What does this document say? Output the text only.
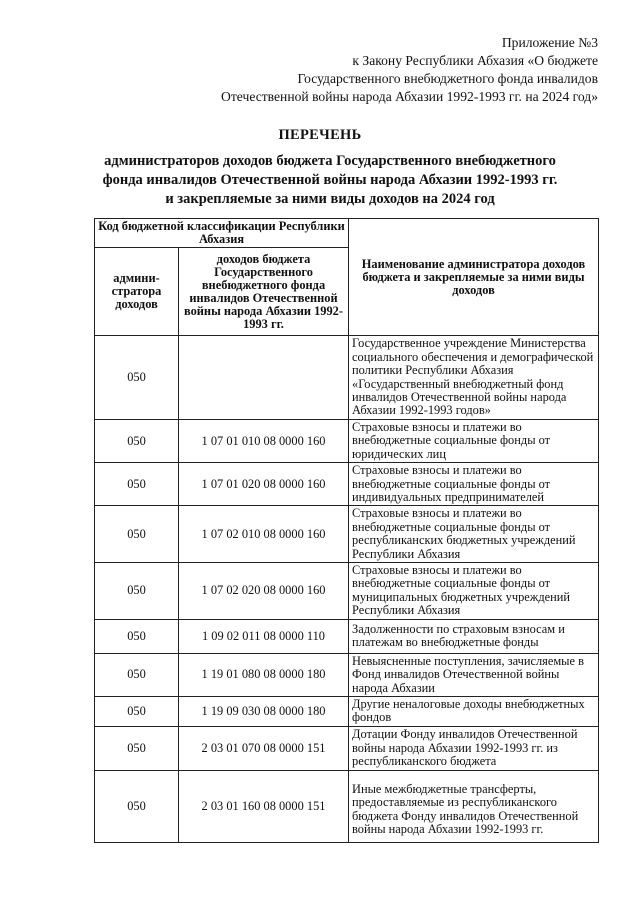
Приложение №3
к Закону Республики Абхазия «О бюджете
Государственного внебюджетного фонда инвалидов
Отечественной войны народа Абхазии 1992-1993 гг. на 2024 год»
ПЕРЕЧЕНЬ
администраторов доходов бюджета Государственного внебюджетного
фонда инвалидов Отечественной войны народа Абхазии 1992-1993 гг.
и закрепляемые за ними виды доходов на 2024 год
Код бюджетной классификации Республики Абхазия		Наименование администратора доходов бюджета и закрепляемые за ними виды доходов
админи-стратора доходов	доходов бюджета Государственного внебюджетного фонда инвалидов Отечественной войны народа Абхазии 1992-1993 гг.	
050		Государственное учреждение Министерства социального обеспечения и демографической политики Республики Абхазия «Государственный внебюджетный фонд инвалидов Отечественной войны народа Абхазии 1992-1993 годов»
050	1 07 01 010 08 0000 160	Страховые взносы и платежи во внебюджетные социальные фонды от юридических лиц
050	1 07 01 020 08 0000 160	Страховые взносы и платежи во внебюджетные социальные фонды от индивидуальных предпринимателей
050	1 07 02 010 08 0000 160	Страховые взносы и платежи во внебюджетные социальные фонды от республиканских бюджетных учреждений Республики Абхазия
050	1 07 02 020 08 0000 160	Страховые взносы и платежи во внебюджетные социальные фонды от муниципальных бюджетных учреждений Республики Абхазия
050	1 09 02 011 08 0000 110	Задолженности по страховым взносам и платежам во внебюджетные фонды
050	1 19 01 080 08 0000 180	Невыясненные поступления, зачисляемые в Фонд инвалидов Отечественной войны народа Абхазии
050	1 19 09 030 08 0000 180	Другие неналоговые доходы внебюджетных фондов
050	2 03 01 070 08 0000 151	Дотации Фонду инвалидов Отечественной войны народа Абхазии 1992-1993 гг. из республиканского бюджета
050	2 03 01 160 08 0000 151	Иные межбюджетные трансферты, предоставляемые из республиканского бюджета Фонду инвалидов Отечественной войны народа Абхазии 1992-1993 гг.
